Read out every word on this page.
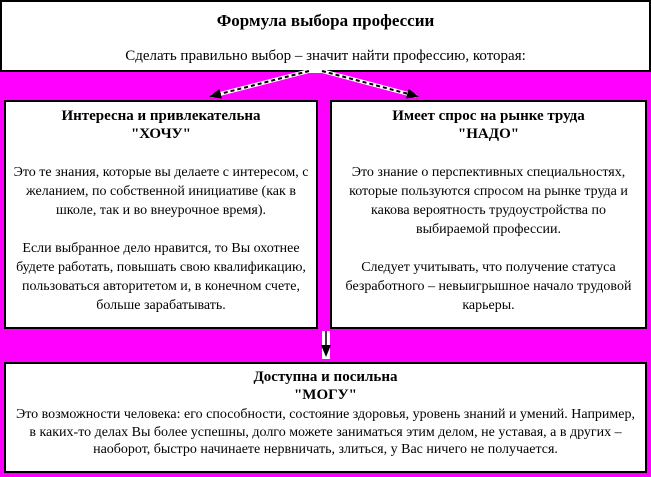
Формула выбора профессии
Сделать правильно выбор – значит найти профессию, которая:
Интересна и привлекательна
"ХОЧУ"
Это те знания, которые вы делаете с интересом, с желанием, по собственной инициативе (как в школе, так и во внеурочное время).
Если выбранное дело нравится, то Вы охотнее будете работать, повышать свою квалификацию, пользоваться авторитетом и, в конечном счете, больше зарабатывать.
Имеет спрос на рынке труда
"НАДО"
Это знание о перспективных специальностях, которые пользуются спросом на рынке труда и какова вероятность трудоустройства по выбираемой профессии.
Следует учитывать, что получение статуса безработного – невыигрышное начало трудовой карьеры.
Доступна и посильна
"МОГУ"
Это возможности человека: его способности, состояние здоровья, уровень знаний и умений. Например, в каких-то делах Вы более успешны, долго можете заниматься этим делом, не уставая, а в других – наоборот, быстро начинаете нервничать, злиться, у Вас ничего не получается.
